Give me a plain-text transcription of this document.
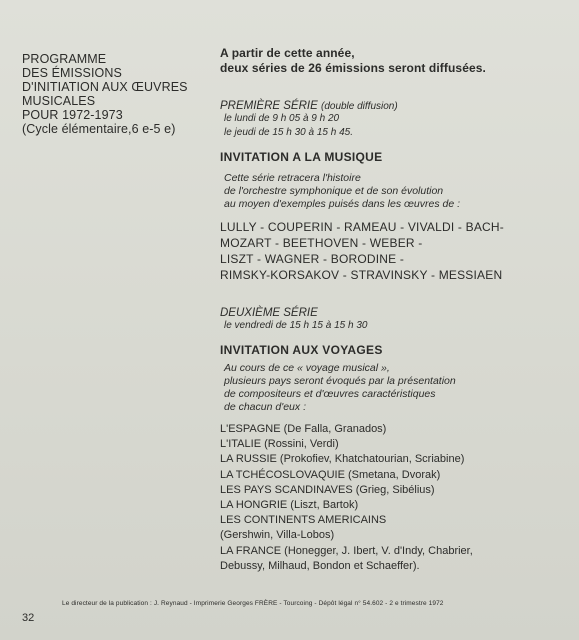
PROGRAMME
DES ÉMISSIONS
D'INITIATION AUX ŒUVRES
MUSICALES
POUR 1972-1973
(Cycle élémentaire,6 e-5 e)
A partir de cette année,
deux séries de 26 émissions seront diffusées.
PREMIÈRE SÉRIE (double diffusion)
le lundi de 9 h 05 à 9 h 20
le jeudi de 15 h 30 à 15 h 45.
INVITATION A LA MUSIQUE
Cette série retracera l'histoire
de l'orchestre symphonique et de son évolution
au moyen d'exemples puisés dans les œuvres de :
LULLY - COUPERIN - RAMEAU - VIVALDI - BACH-
MOZART - BEETHOVEN - WEBER -
LISZT - WAGNER - BORODINE -
RIMSKY-KORSAKOV - STRAVINSKY - MESSIAEN
DEUXIÈME SÉRIE
le vendredi de 15 h 15 à 15 h 30
INVITATION AUX VOYAGES
Au cours de ce « voyage musical »,
plusieurs pays seront évoqués par la présentation
de compositeurs et d'œuvres caractéristiques
de chacun d'eux :
L'ESPAGNE (De Falla, Granados)
L'ITALIE (Rossini, Verdi)
LA RUSSIE (Prokofiev, Khatchatourian, Scriabine)
LA TCHÉCOSLOVAQUIE (Smetana, Dvorak)
LES PAYS SCANDINAVES (Grieg, Sibélius)
LA HONGRIE (Liszt, Bartok)
LES CONTINENTS AMERICAINS
(Gershwin, Villa-Lobos)
LA FRANCE (Honegger, J. Ibert, V. d'Indy, Chabrier,
Debussy, Milhaud, Bondon et Schaeffer).
Le directeur de la publication : J. Reynaud - Imprimerie Georges FRÈRE - Tourcoing - Dépôt légal n° 54.602 - 2 e trimestre 1972
32
